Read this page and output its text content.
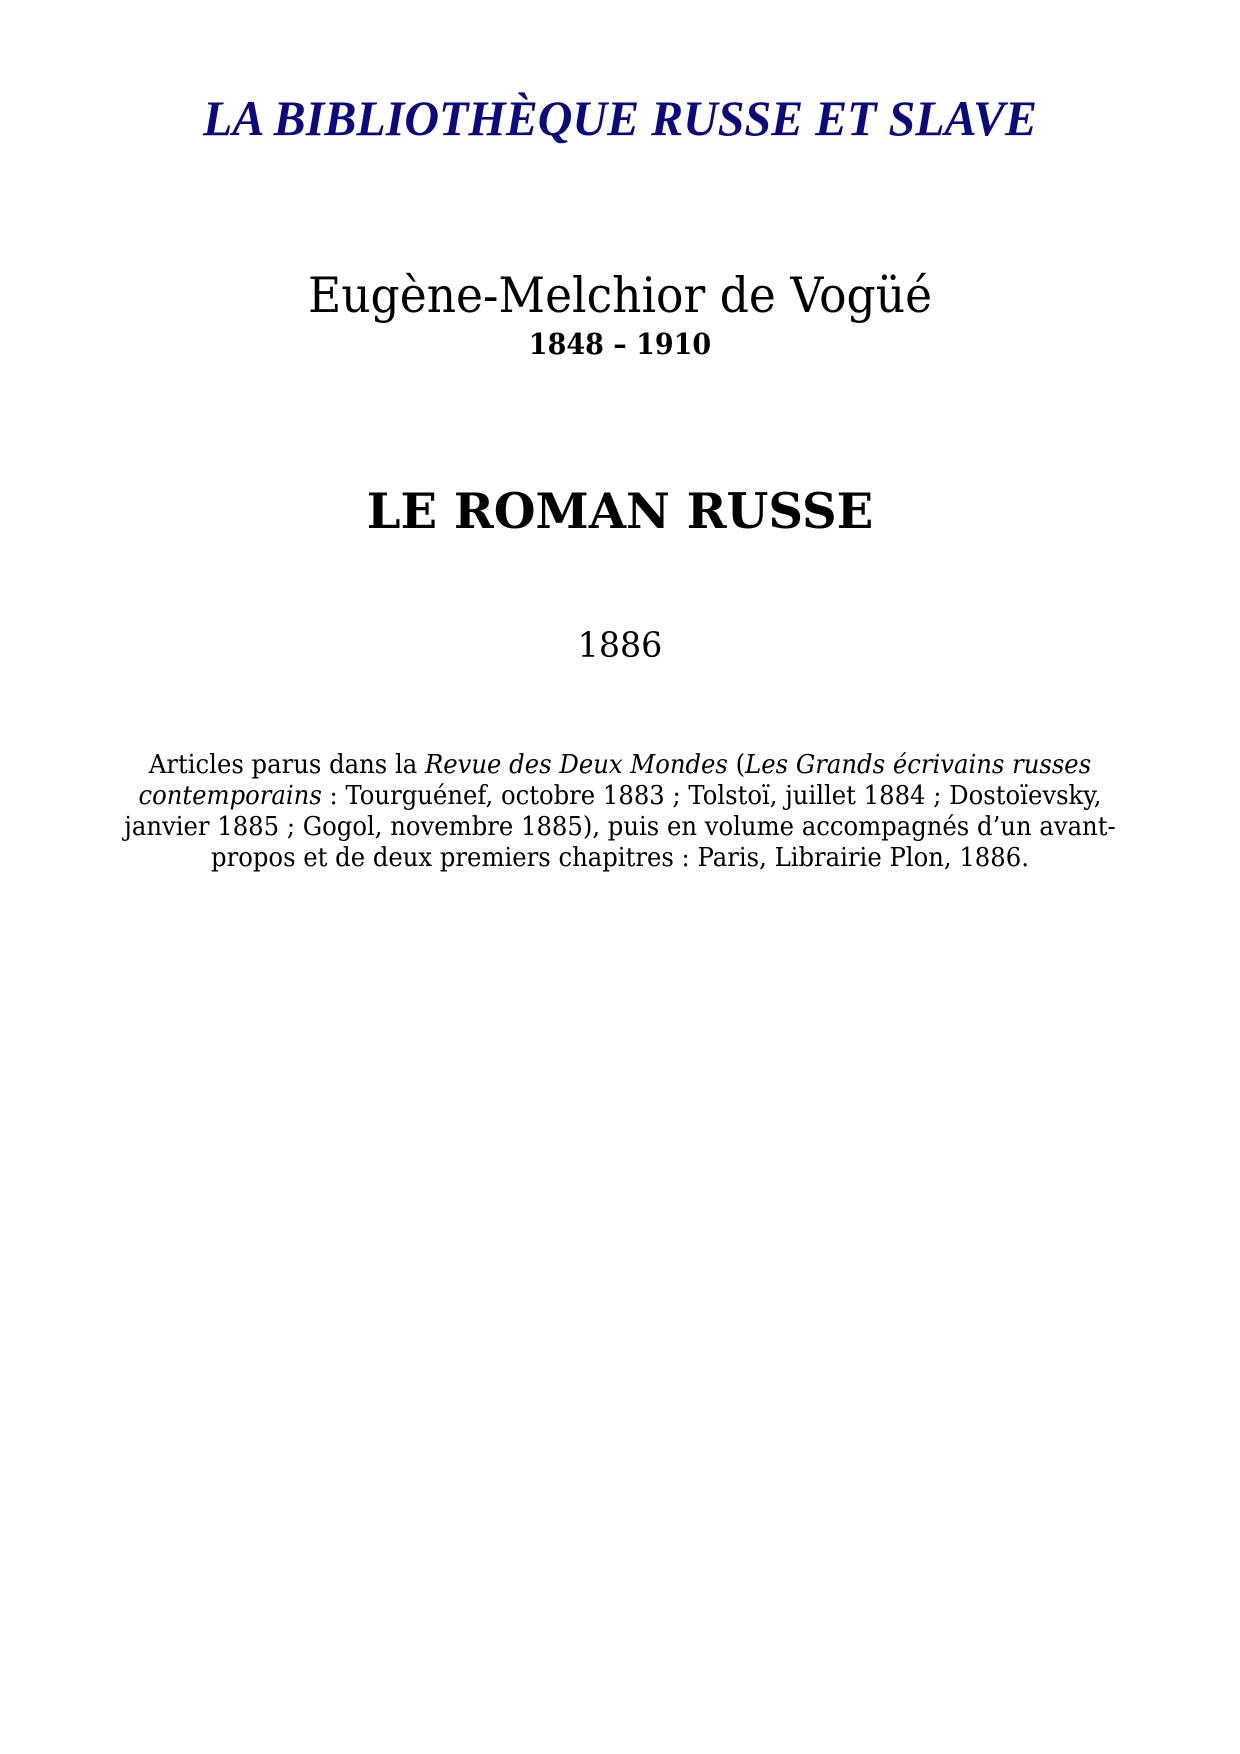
LA BIBLIOTHÈQUE RUSSE ET SLAVE
Eugène-Melchior de Vogüé
1848 – 1910
LE ROMAN RUSSE
1886
Articles parus dans la Revue des Deux Mondes (Les Grands écrivains russes
contemporains : Tourguénef, octobre 1883 ; Tolstoï, juillet 1884 ; Dostoïevsky,
janvier 1885 ; Gogol, novembre 1885), puis en volume accompagnés d’un avant-
propos et de deux premiers chapitres : Paris, Librairie Plon, 1886.
